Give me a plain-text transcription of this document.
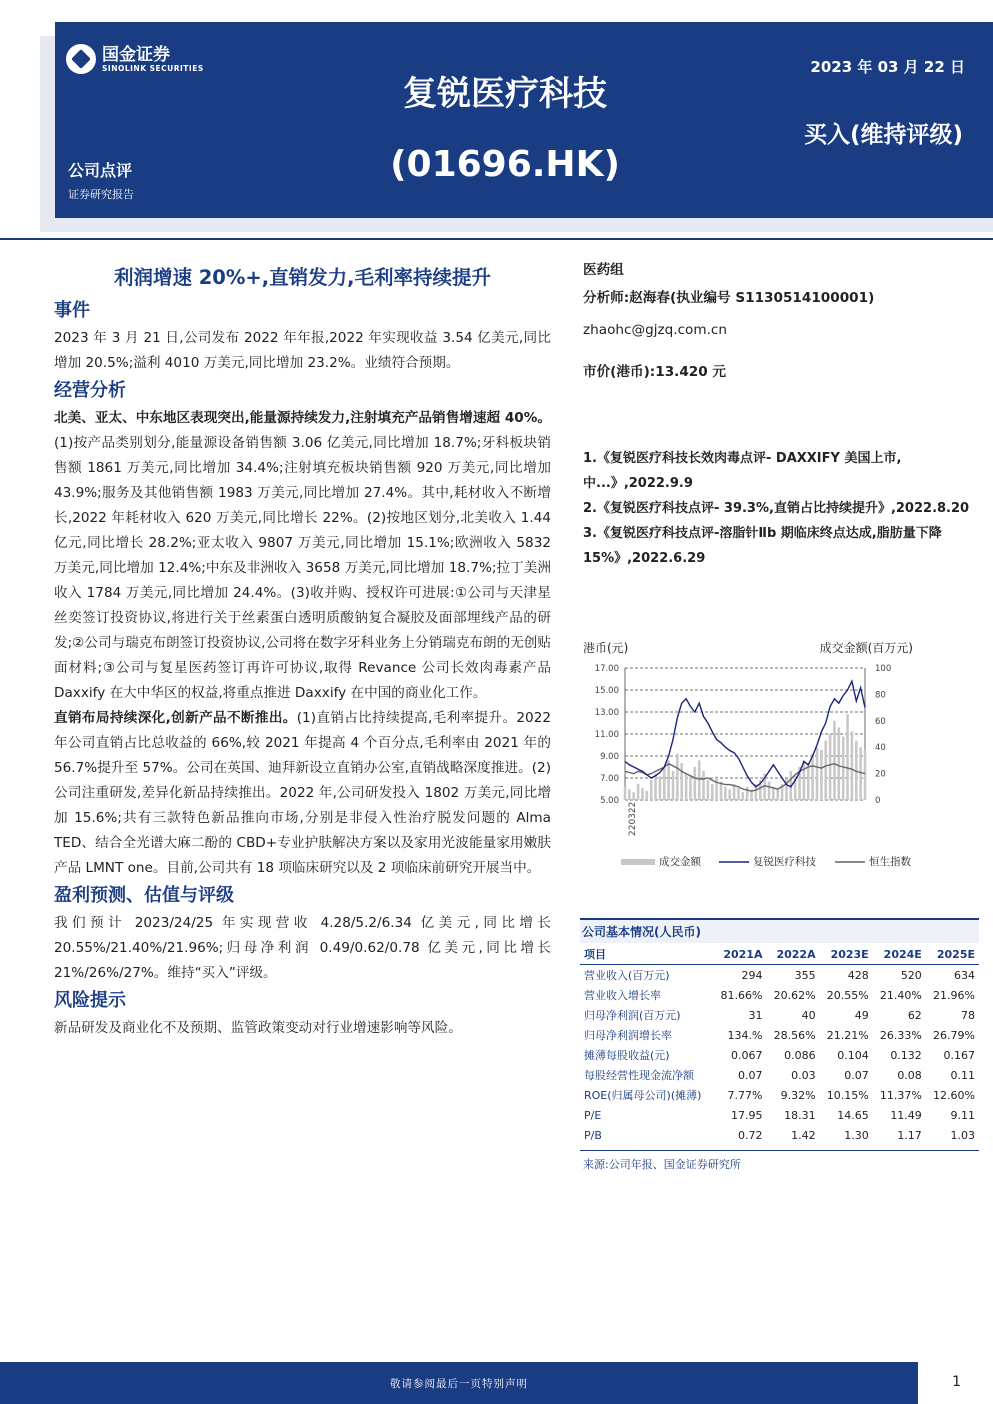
国金证券
SINOLINK SECURITIES
复锐医疗科技
(01696.HK)
2023 年 03 月 22 日
买入(维持评级)
公司点评
证券研究报告
利润增速 20%+,直销发力,毛利率持续提升
事件
2023 年 3 月 21 日,公司发布 2022 年年报,2022 年实现收益 3.54 亿美元,同比增加 20.5%;溢利 4010 万美元,同比增加 23.2%。业绩符合预期。
经营分析
北美、亚太、中东地区表现突出,能量源持续发力,注射填充产品销售增速超 40%。(1)按产品类别划分,能量源设备销售额 3.06 亿美元,同比增加 18.7%;牙科板块销售额 1861 万美元,同比增加 34.4%;注射填充板块销售额 920 万美元,同比增加 43.9%;服务及其他销售额 1983 万美元,同比增加 27.4%。其中,耗材收入不断增长,2022 年耗材收入 620 万美元,同比增长 22%。(2)按地区划分,北美收入 1.44 亿元,同比增长 28.2%;亚太收入 9807 万美元,同比增加 15.1%;欧洲收入 5832 万美元,同比增加 12.4%;中东及非洲收入 3658 万美元,同比增加 18.7%;拉丁美洲收入 1784 万美元,同比增加 24.4%。(3)收并购、授权许可进展:①公司与天津星丝奕签订投资协议,将进行关于丝素蛋白透明质酸钠复合凝胶及面部埋线产品的研发;②公司与瑞克布朗签订投资协议,公司将在数字牙科业务上分销瑞克布朗的无创贴面材料;③公司与复星医药签订再许可协议,取得 Revance 公司长效肉毒素产品 Daxxify 在大中华区的权益,将重点推进 Daxxify 在中国的商业化工作。
直销布局持续深化,创新产品不断推出。(1)直销占比持续提高,毛利率提升。2022 年公司直销占比总收益的 66%,较 2021 年提高 4 个百分点,毛利率由 2021 年的 56.7%提升至 57%。公司在英国、迪拜新设立直销办公室,直销战略深度推进。(2)公司注重研发,差异化新品持续推出。2022 年,公司研发投入 1802 万美元,同比增加 15.6%;共有三款特色新品推向市场,分别是非侵入性治疗脱发问题的 Alma TED、结合全光谱大麻二酚的 CBD+专业护肤解决方案以及家用光波能量家用嫩肤产品 LMNT one。目前,公司共有 18 项临床研究以及 2 项临床前研究开展当中。
盈利预测、估值与评级
我们预计 2023/24/25 年实现营收 4.28/5.2/6.34 亿美元,同比增长 20.55%/21.40%/21.96%;归母净利润 0.49/0.62/0.78 亿美元,同比增长 21%/26%/27%。维持“买入”评级。
风险提示
新品研发及商业化不及预期、监管政策变动对行业增速影响等风险。
医药组
分析师:赵海春(执业编号 S1130514100001)
zhaohc@gjzq.com.cn
市价(港币):13.420 元
1.《复锐医疗科技长效肉毒点评- DAXXIFY 美国上市,中...》,2022.9.9
2.《复锐医疗科技点评- 39.3%,直销占比持续提升》,2022.8.20
3.《复锐医疗科技点评-溶脂针Ⅱb 期临床终点达成,脂肪量下降 15%》,2022.6.29
港币(元)	成交金额(百万元)
17.00
15.00
13.00
11.00
9.00
7.00
5.00
100
80
60
40
20
0
220322
成交金额	复锐医疗科技	恒生指数
公司基本情况(人民币)
项目	2021A	2022A	2023E	2024E	2025E
营业收入(百万元)	294	355	428	520	634
营业收入增长率	81.66%	20.62%	20.55%	21.40%	21.96%
归母净利润(百万元)	31	40	49	62	78
归母净利润增长率	134.%	28.56%	21.21%	26.33%	26.79%
摊薄每股收益(元)	0.067	0.086	0.104	0.132	0.167
每股经营性现金流净额	0.07	0.03	0.07	0.08	0.11
ROE(归属母公司)(摊薄)	7.77%	9.32%	10.15%	11.37%	12.60%
P/E	17.95	18.31	14.65	11.49	9.11
P/B	0.72	1.42	1.30	1.17	1.03
来源:公司年报、国金证券研究所
敬请参阅最后一页特别声明	1
